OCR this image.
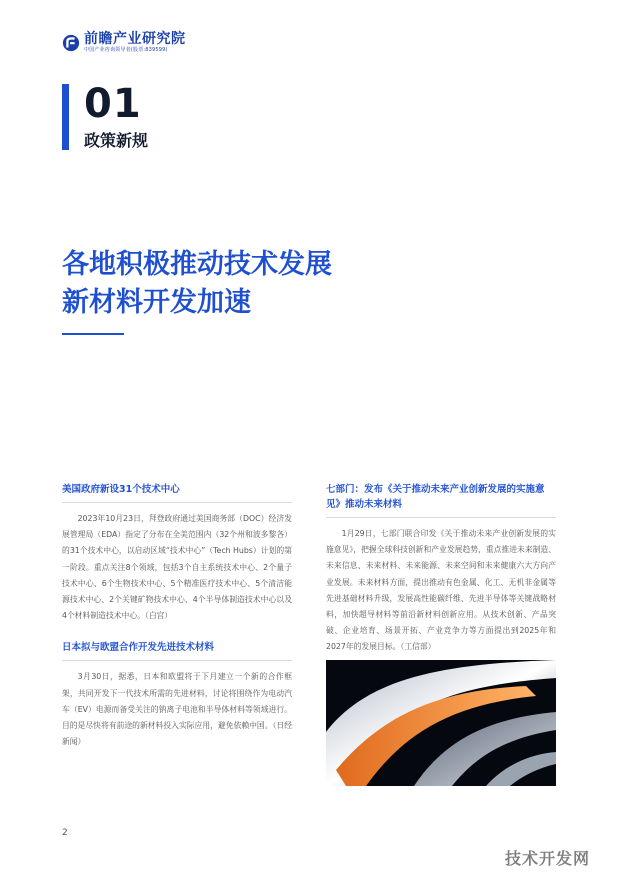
前瞻产业研究院
中国产业咨询领导者(股票:839599)
01
政策新规
各地积极推动技术发展
新材料开发加速
美国政府新设31个技术中心

2023年10月23日，拜登政府通过美国商务部（DOC）经济发展管理局（EDA）指定了分布在全美范围内（32个州和波多黎各）的31个技术中心，以启动区域“技术中心”（Tech Hubs）计划的第一阶段。重点关注8个领域，包括3个自主系统技术中心、2个量子技术中心、6个生物技术中心、5个精准医疗技术中心、5个清洁能源技术中心、2个关键矿物技术中心、4个半导体制造技术中心以及4个材料制造技术中心。（白宫）

日本拟与欧盟合作开发先进技术材料

3月30日，据悉，日本和欧盟将于下月建立一个新的合作框架，共同开发下一代技术所需的先进材料，讨论将围绕作为电动汽车（EV）电源而备受关注的钠离子电池和半导体材料等领域进行。目的是尽快将有前途的新材料投入实际应用，避免依赖中国。（日经新闻）

七部门：发布《关于推动未来产业创新发展的实施意见》推动未来材料

1月29日，七部门联合印发《关于推动未来产业创新发展的实施意见》，把握全球科技创新和产业发展趋势，重点推进未来制造、未来信息、未来材料、未来能源、未来空间和未来健康六大方向产业发展。未来材料方面，提出推动有色金属、化工、无机非金属等先进基础材料升级，发展高性能碳纤维、先进半导体等关键战略材料，加快超导材料等前沿新材料创新应用。从技术创新、产品突破、企业培育、场景开拓、产业竞争力等方面提出到2025年和2027年的发展目标。（工信部）

2
技术开发网
